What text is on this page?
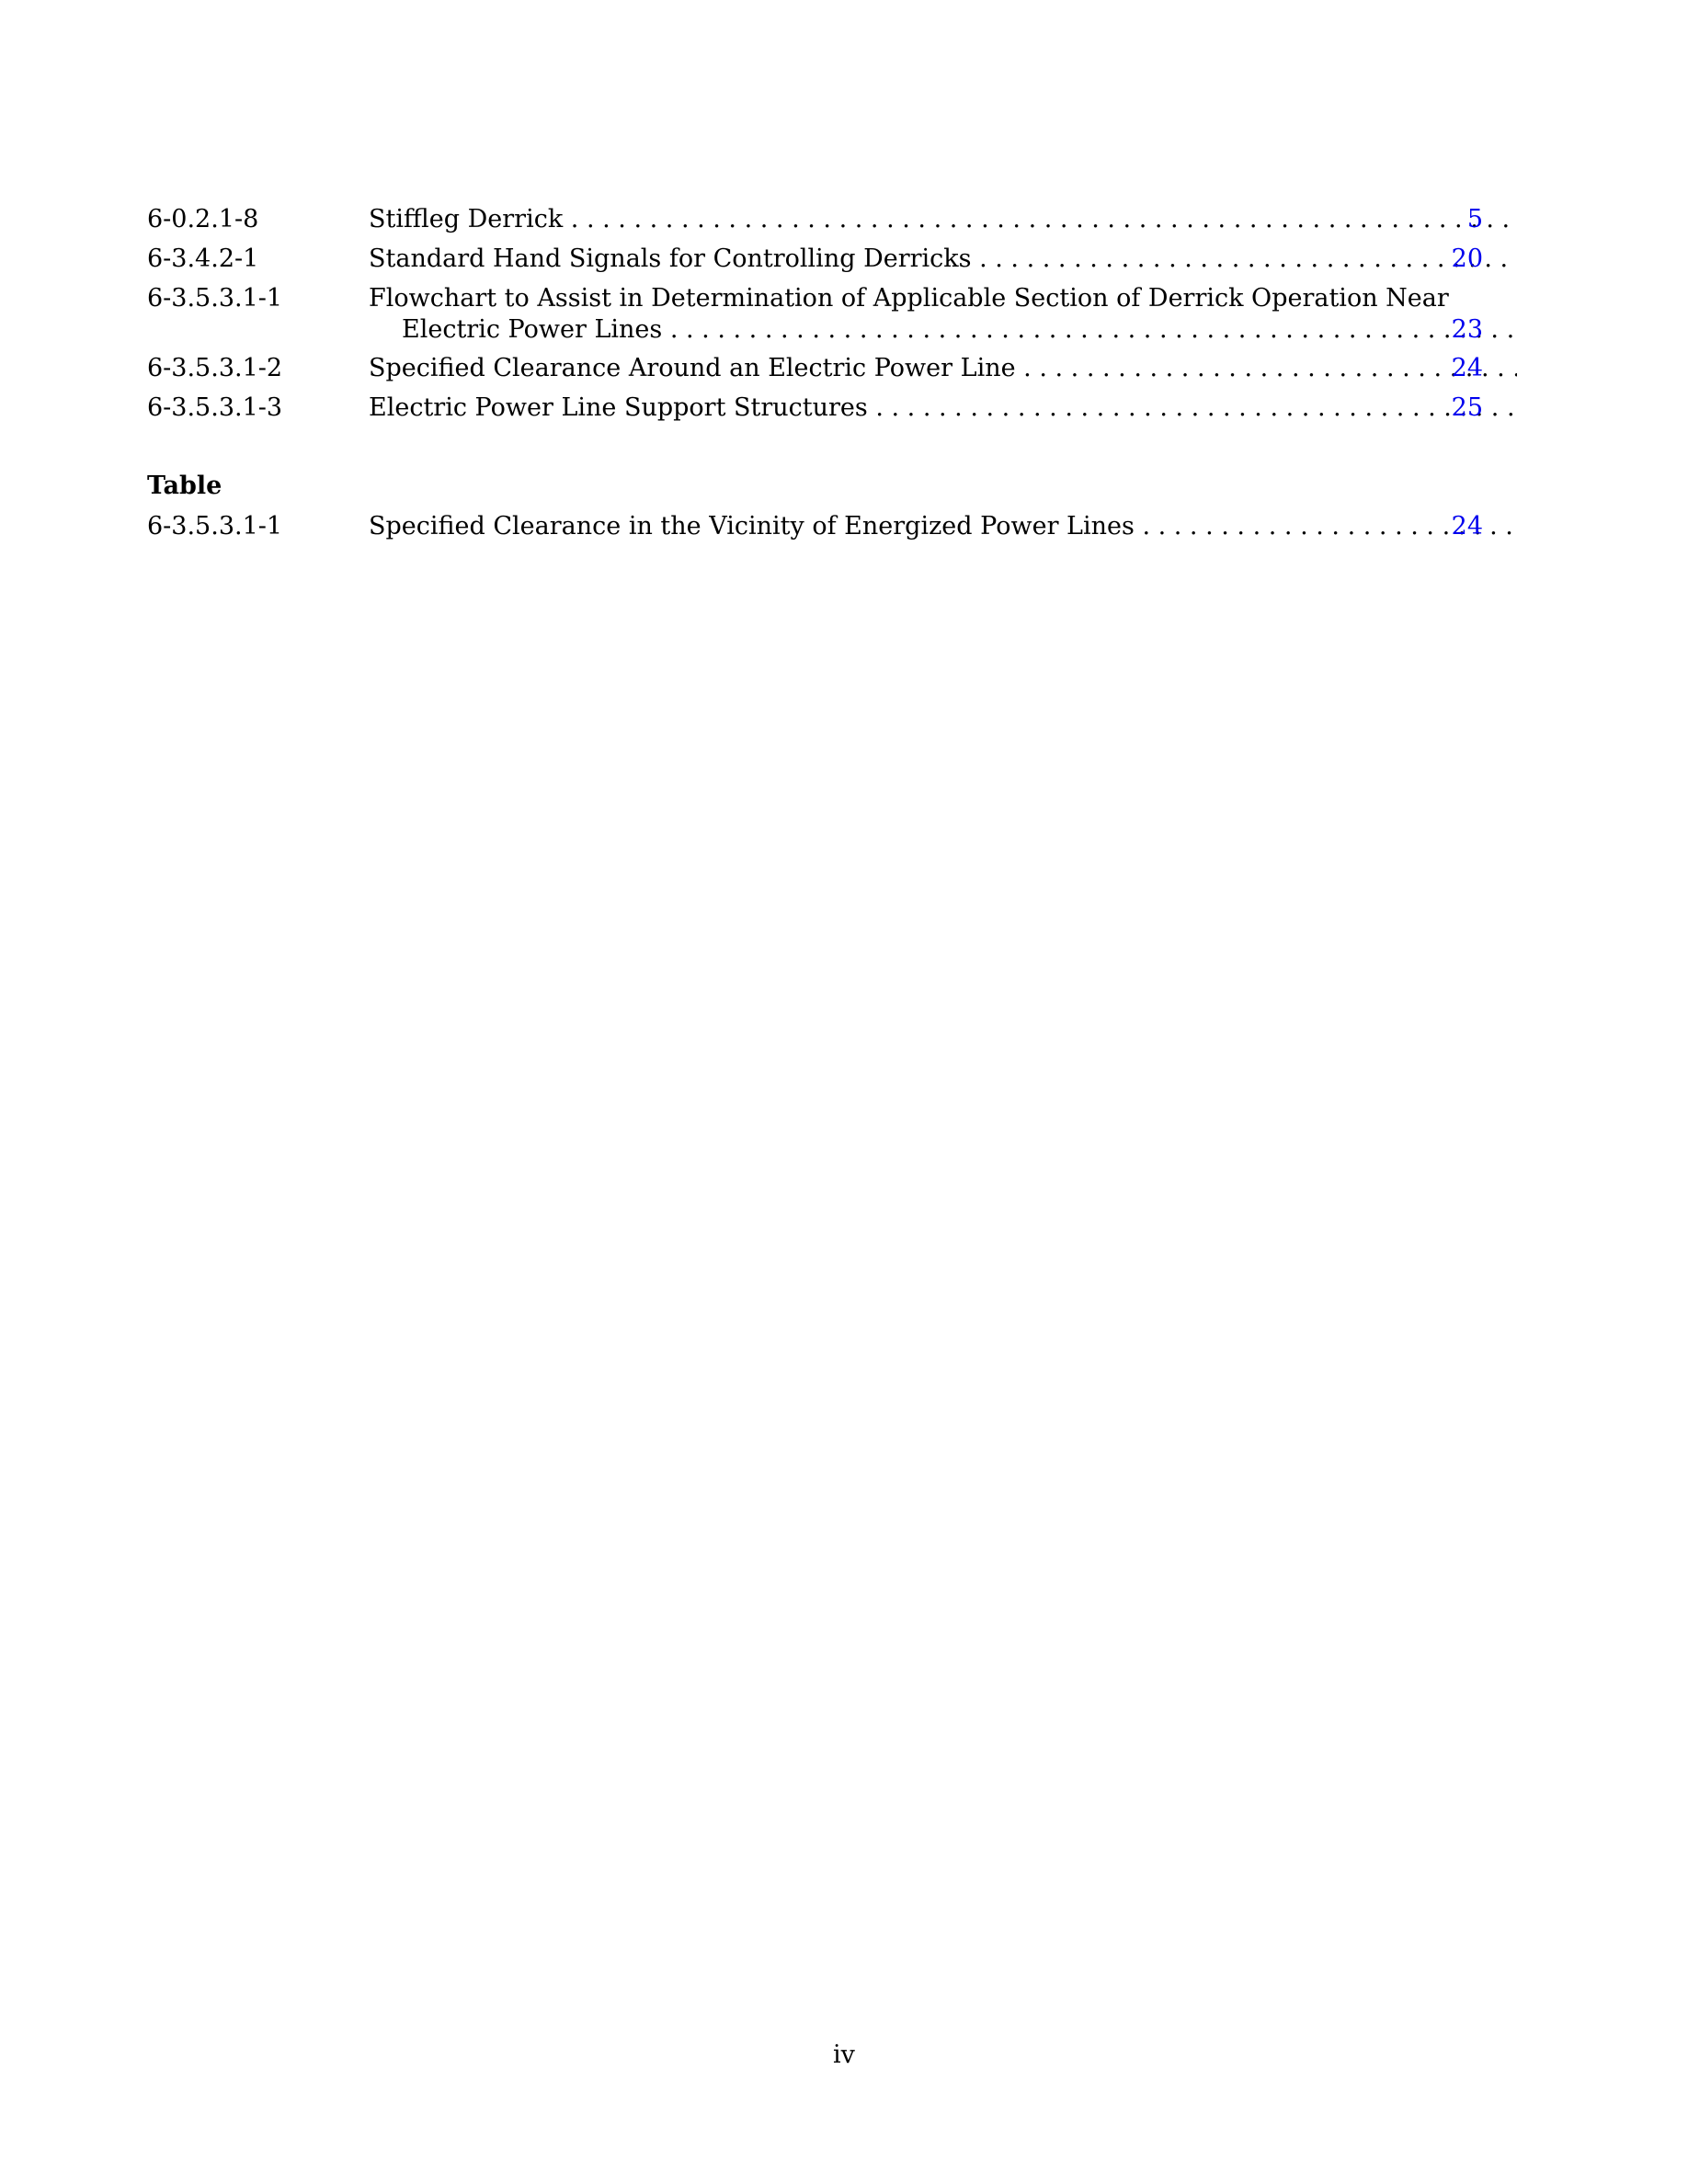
6-0.2.1-8	Stiffleg Derrick . . .	5
6-3.4.2-1	Standard Hand Signals for Controlling Derricks . . .	20
6-3.5.3.1-1	Flowchart to Assist in Determination of Applicable Section of Derrick Operation Near
Electric Power Lines . . .	23
6-3.5.3.1-2	Specified Clearance Around an Electric Power Line . . .	24
6-3.5.3.1-3	Electric Power Line Support Structures . . .	25
Table
6-3.5.3.1-1	Specified Clearance in the Vicinity of Energized Power Lines . . .	24
iv
